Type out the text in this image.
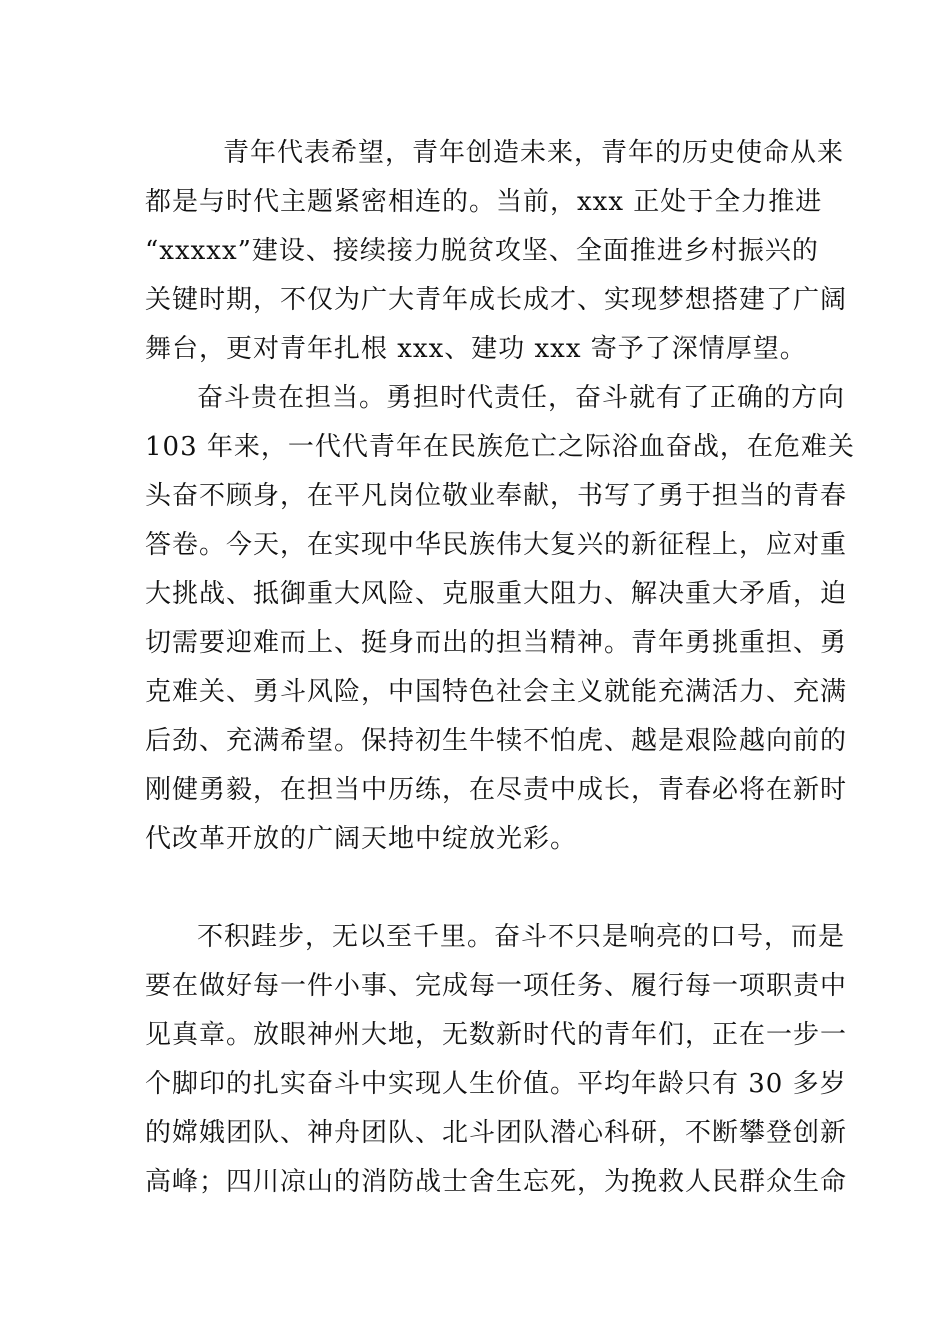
青年代表希望，青年创造未来，青年的历史使命从来
都是与时代主题紧密相连的。当前，xxx 正处于全力推进
“xxxxx”建设、接续接力脱贫攻坚、全面推进乡村振兴的
关键时期，不仅为广大青年成长成才、实现梦想搭建了广阔
舞台，更对青年扎根 xxx、建功 xxx 寄予了深情厚望。
奋斗贵在担当。勇担时代责任，奋斗就有了正确的方向
103 年来，一代代青年在民族危亡之际浴血奋战，在危难关
头奋不顾身，在平凡岗位敬业奉献，书写了勇于担当的青春
答卷。今天，在实现中华民族伟大复兴的新征程上，应对重
大挑战、抵御重大风险、克服重大阻力、解决重大矛盾，迫
切需要迎难而上、挺身而出的担当精神。青年勇挑重担、勇
克难关、勇斗风险，中国特色社会主义就能充满活力、充满
后劲、充满希望。保持初生牛犊不怕虎、越是艰险越向前的
刚健勇毅，在担当中历练，在尽责中成长，青春必将在新时
代改革开放的广阔天地中绽放光彩。
不积跬步，无以至千里。奋斗不只是响亮的口号，而是
要在做好每一件小事、完成每一项任务、履行每一项职责中
见真章。放眼神州大地，无数新时代的青年们，正在一步一
个脚印的扎实奋斗中实现人生价值。平均年龄只有 30 多岁
的嫦娥团队、神舟团队、北斗团队潜心科研，不断攀登创新
高峰；四川凉山的消防战士舍生忘死，为挽救人民群众生命
